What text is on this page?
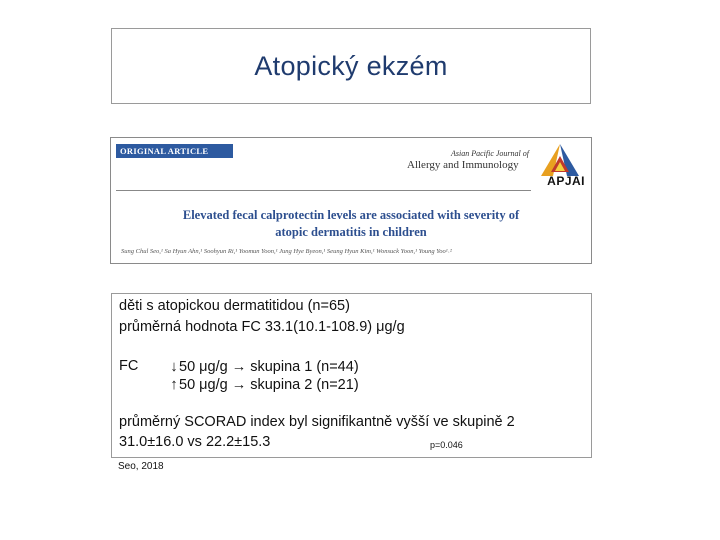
Atopický ekzém
ORIGINAL ARTICLE	Asian Pacific Journal of
Allergy and Immunology
APJAI
Elevated fecal calprotectin levels are associated with severity of
atopic dermatitis in children
Sung Chul Seo,¹ Sa Hyun Ahn,¹ Soohyun Ri,¹ Yoomun Yoon,¹ Jung Hye Byeon,¹ Seung Hyun Kim,¹ Wonsuck Yoon,¹ Young Yoo¹˒²
děti s atopickou dermatitidou (n=65)
průměrná hodnota FC 33.1(10.1-108.9) μg/g
FC ↓50 μg/g → skupina 1 (n=44)
↑50 μg/g → skupina 2 (n=21)
průměrný SCORAD index byl signifikantně vyšší ve skupině 2
31.0±16.0 vs 22.2±15.3	p=0.046
Seo, 2018
